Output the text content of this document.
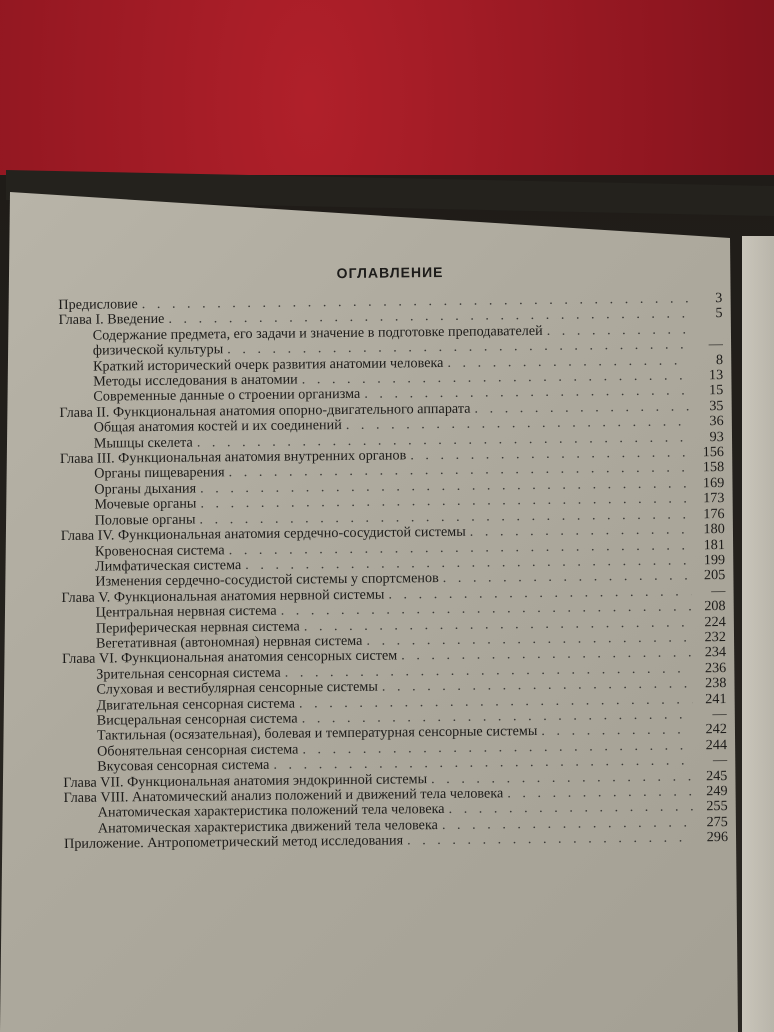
ОГЛАВЛЕНИЕ
Предисловие . . .	3
Глава I. Введение . . .	5
Содержание предмета, его задачи и значение в подготовке преподавателей
. . .
физической культуры . . .	—
Краткий исторический очерк развития анатомии человека . . .	8
Методы исследования в анатомии . . .	13
Современные данные о строении организма . . .	15
Глава II. Функциональная анатомия опорно-двигательного аппарата . . .	35
Общая анатомия костей и их соединений . . .	36
Мышцы скелета . . .	93
Глава III. Функциональная анатомия внутренних органов . . .	156
Органы пищеварения . . .	158
Органы дыхания . . .	169
Мочевые органы . . .	173
Половые органы . . .	176
Глава IV. Функциональная анатомия сердечно-сосудистой системы . . .	180
Кровеносная система . . .	181
Лимфатическая система . . .	199
Изменения сердечно-сосудистой системы у спортсменов . . .	205
Глава V. Функциональная анатомия нервной системы . . .	—
Центральная нервная система . . .	208
Периферическая нервная система . . .	224
Вегетативная (автономная) нервная система . . .	232
Глава VI. Функциональная анатомия сенсорных систем . . .	234
Зрительная сенсорная система . . .	236
Слуховая и вестибулярная сенсорные системы . . .	238
Двигательная сенсорная система . . .	241
Висцеральная сенсорная система . . .	—
Тактильная (осязательная), болевая и температурная сенсорные системы . . .	242
Обонятельная сенсорная система . . .	244
Вкусовая сенсорная система . . .	—
Глава VII. Функциональная анатомия эндокринной системы . . .	245
Глава VIII. Анатомический анализ положений и движений тела человека . . .	249
Анатомическая характеристика положений тела человека . . .	255
Анатомическая характеристика движений тела человека . . .	275
Приложение. Антропометрический метод исследования . . .	296
